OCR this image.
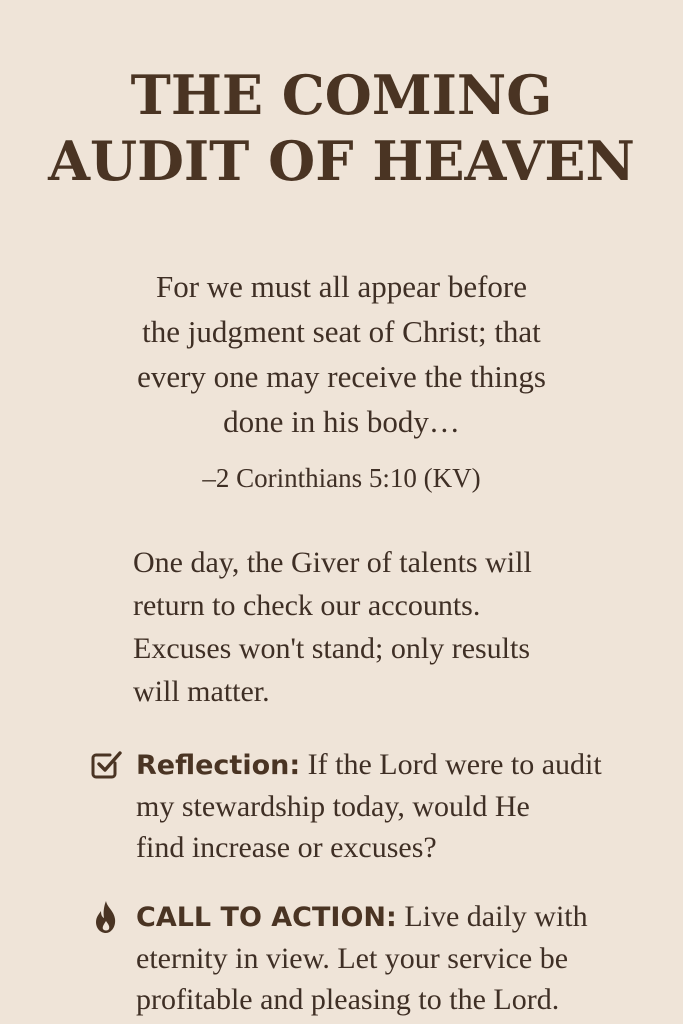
THE COMING
AUDIT OF HEAVEN

For we must all appear before
the judgment seat of Christ; that
every one may receive the things
done in his body…

–2 Corinthians 5:10 (KV)

One day, the Giver of talents will
return to check our accounts.
Excuses won't stand; only results
will matter.

Reflection: If the Lord were to audit
my stewardship today, would He
find increase or excuses?
CALL TO ACTION: Live daily with
eternity in view. Let your service be
profitable and pleasing to the Lord.
